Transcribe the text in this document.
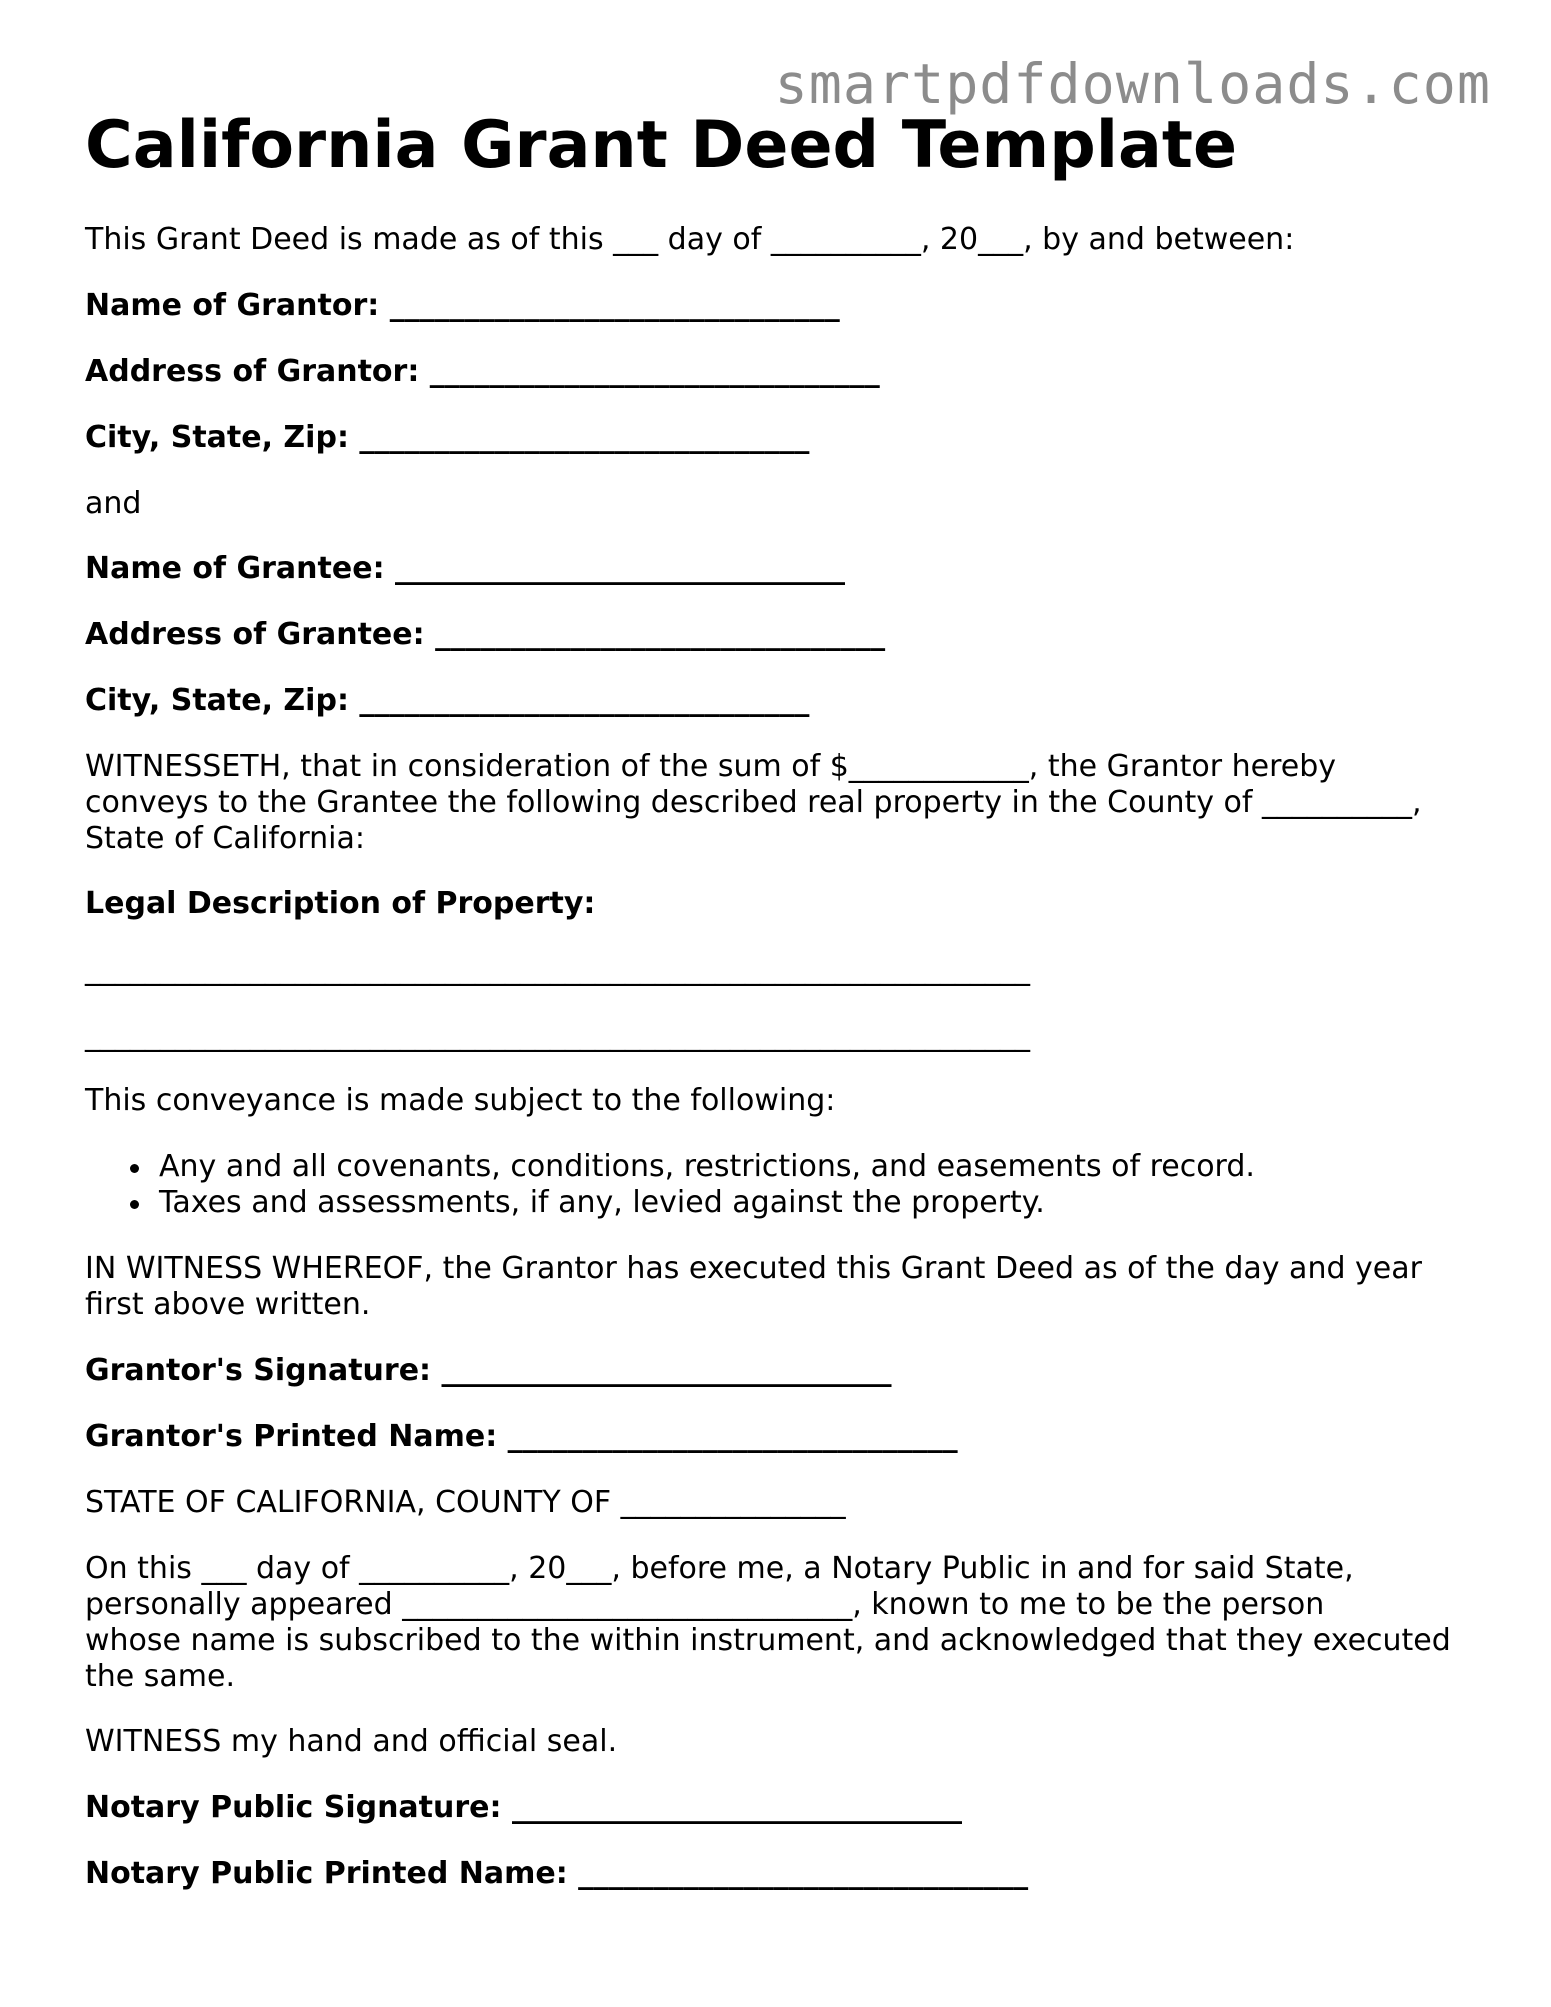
smartpdfdownloads.com
California Grant Deed Template
This Grant Deed is made as of this ___ day of __________, 20___, by and between:
Name of Grantor: ______________________________
Address of Grantor: ______________________________
City, State, Zip: ______________________________
and
Name of Grantee: ______________________________
Address of Grantee: ______________________________
City, State, Zip: ______________________________
WITNESSETH, that in consideration of the sum of $____________, the Grantor hereby
conveys to the Grantee the following described real property in the County of __________,
State of California:
Legal Description of Property:
_______________________________________________________________
_______________________________________________________________
This conveyance is made subject to the following:
Any and all covenants, conditions, restrictions, and easements of record.
Taxes and assessments, if any, levied against the property.
IN WITNESS WHEREOF, the Grantor has executed this Grant Deed as of the day and year
first above written.
Grantor's Signature: ______________________________
Grantor's Printed Name: ______________________________
STATE OF CALIFORNIA, COUNTY OF _______________
On this ___ day of __________, 20___, before me, a Notary Public in and for said State,
personally appeared ______________________________, known to me to be the person
whose name is subscribed to the within instrument, and acknowledged that they executed
the same.
WITNESS my hand and official seal.
Notary Public Signature: ______________________________
Notary Public Printed Name: ______________________________
